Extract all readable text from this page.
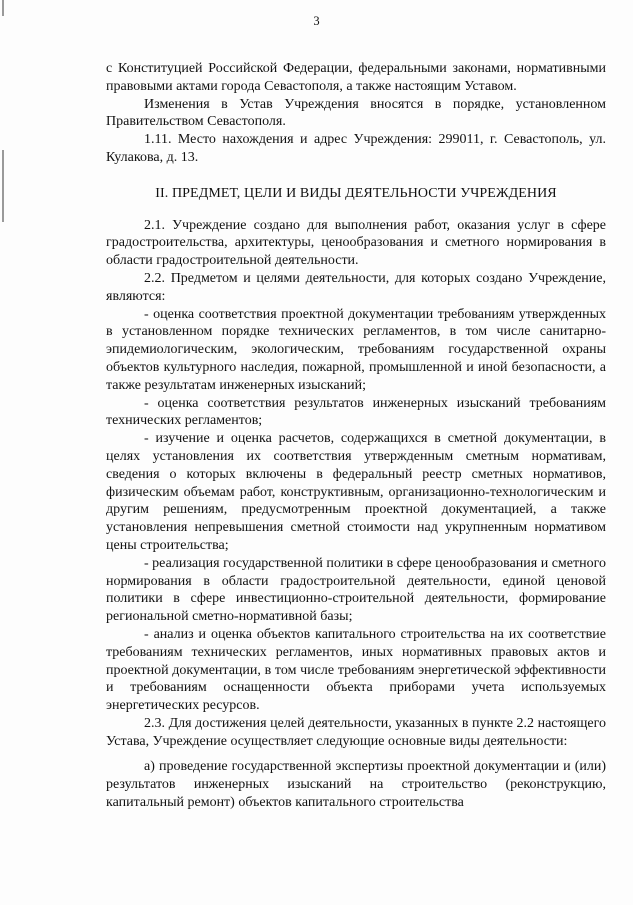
3

с Конституцией Российской Федерации, федеральными законами, нормативными правовыми актами города Севастополя, а также настоящим Уставом.

Изменения в Устав Учреждения вносятся в порядке, установленном Правительством Севастополя.

1.11. Место нахождения и адрес Учреждения: 299011, г. Севастополь, ул. Кулакова, д. 13.

II. ПРЕДМЕТ, ЦЕЛИ И ВИДЫ ДЕЯТЕЛЬНОСТИ УЧРЕЖДЕНИЯ

2.1. Учреждение создано для выполнения работ, оказания услуг в сфере градостроительства, архитектуры, ценообразования и сметного нормирования в области градостроительной деятельности.

2.2. Предметом и целями деятельности, для которых создано Учреждение, являются:

- оценка соответствия проектной документации требованиям утвержденных в установленном порядке технических регламентов, в том числе санитарно-эпидемиологическим, экологическим, требованиям государственной охраны объектов культурного наследия, пожарной, промышленной и иной безопасности, а также результатам инженерных изысканий;

- оценка соответствия результатов инженерных изысканий требованиям технических регламентов;

- изучение и оценка расчетов, содержащихся в сметной документации, в целях установления их соответствия утвержденным сметным нормативам, сведения о которых включены в федеральный реестр сметных нормативов, физическим объемам работ, конструктивным, организационно-технологическим и другим решениям, предусмотренным проектной документацией, а также установления непревышения сметной стоимости над укрупненным нормативом цены строительства;

- реализация государственной политики в сфере ценообразования и сметного нормирования в области градостроительной деятельности, единой ценовой политики в сфере инвестиционно-строительной деятельности, формирование региональной сметно-нормативной базы;

- анализ и оценка объектов капитального строительства на их соответствие требованиям технических регламентов, иных нормативных правовых актов и проектной документации, в том числе требованиям энергетической эффективности и требованиям оснащенности объекта приборами учета используемых энергетических ресурсов.

2.3. Для достижения целей деятельности, указанных в пункте 2.2 настоящего Устава, Учреждение осуществляет следующие основные виды деятельности:

а) проведение государственной экспертизы проектной документации и (или) результатов инженерных изысканий на строительство (реконструкцию, капитальный ремонт) объектов капитального строительства
